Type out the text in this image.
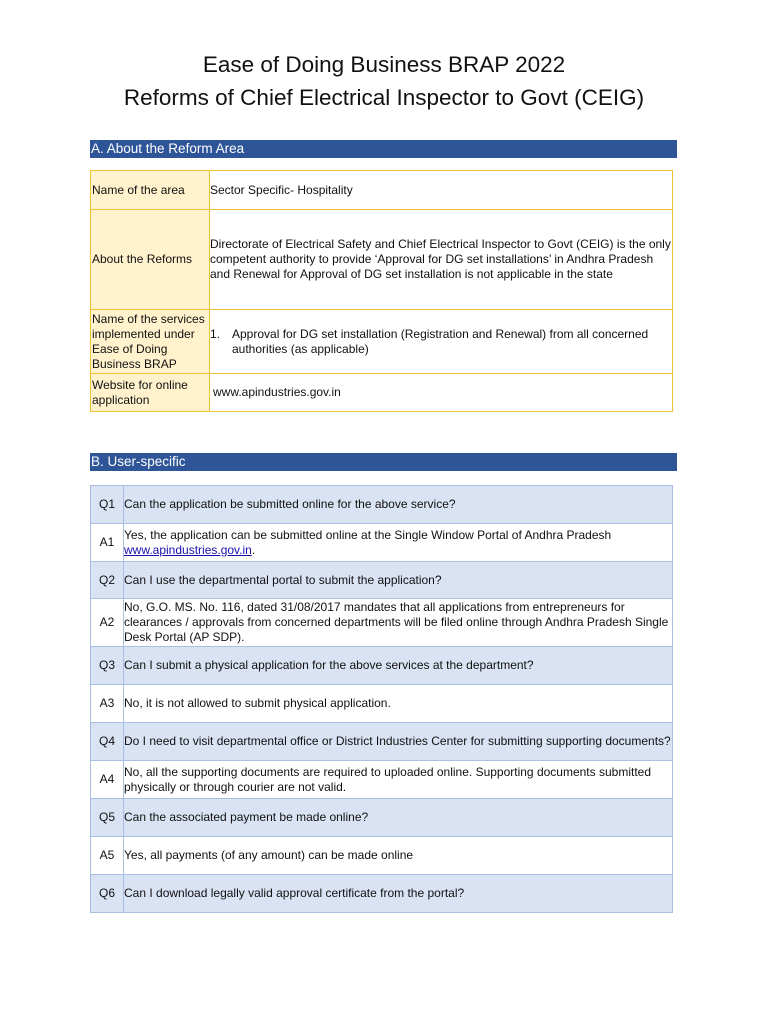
Ease of Doing Business BRAP 2022
Reforms of Chief Electrical Inspector to Govt (CEIG)
A. About the Reform Area
Name of the area	Sector Specific- Hospitality
About the Reforms	Directorate of Electrical Safety and Chief Electrical Inspector to Govt (CEIG) is the only competent authority to provide ‘Approval for DG set installations’ in Andhra Pradesh and Renewal for Approval of DG set installation is not applicable in the state
Name of the services implemented under Ease of Doing Business BRAP	1. Approval for DG set installation (Registration and Renewal) from all concerned authorities (as applicable)

Website for online application	www.apindustries.gov.in
B. User-specific
Q1	Can the application be submitted online for the above service?
A1	Yes, the application can be submitted online at the Single Window Portal of Andhra Pradesh
www.apindustries.gov.in.
Q2	Can I use the departmental portal to submit the application?
A2	No, G.O. MS. No. 116, dated 31/08/2017 mandates that all applications from entrepreneurs for clearances / approvals from concerned departments will be filed online through Andhra Pradesh Single Desk Portal (AP SDP).
Q3	Can I submit a physical application for the above services at the department?
A3	No, it is not allowed to submit physical application.
Q4	Do I need to visit departmental office or District Industries Center for submitting supporting documents?
A4	No, all the supporting documents are required to uploaded online. Supporting documents submitted physically or through courier are not valid.
Q5	Can the associated payment be made online?
A5	Yes, all payments (of any amount) can be made online
Q6	Can I download legally valid approval certificate from the portal?
